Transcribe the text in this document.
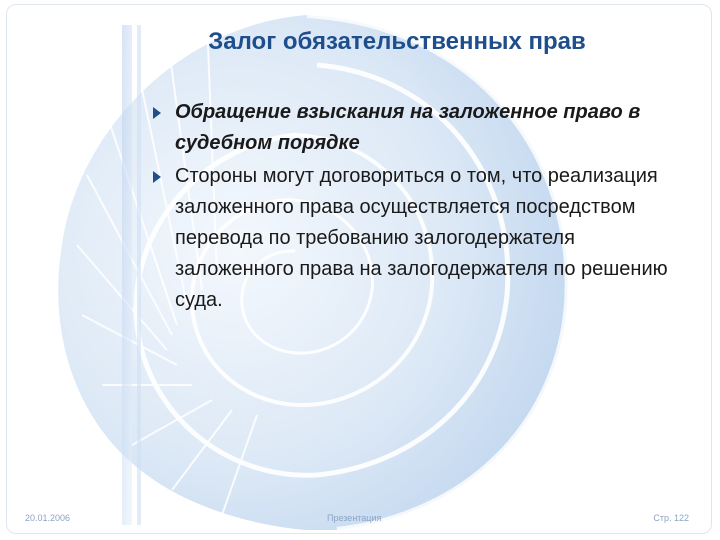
Залог обязательственных прав
Обращение взыскания на заложенное право в судебном порядке
Стороны могут договориться о том, что реализация заложенного права осуществляется посредством перевода по требованию залогодержателя заложенного права на залогодержателя по решению суда.
20.01.2006	Презентация	Стр. 122
